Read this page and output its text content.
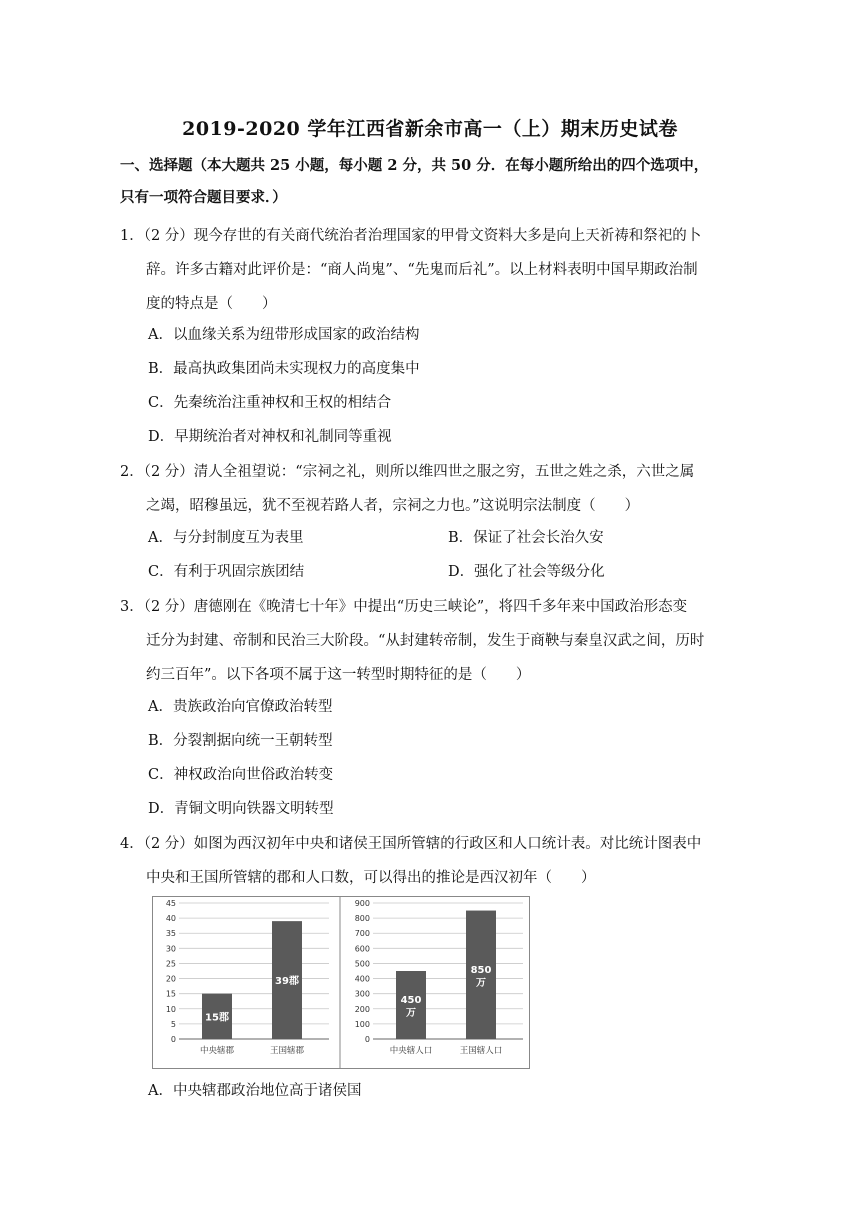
2019-2020 学年江西省新余市高一（上）期末历史试卷
一、选择题（本大题共 25 小题，每小题 2 分，共 50 分．在每小题所给出的四个选项中，
只有一项符合题目要求．）
1．（2 分）现今存世的有关商代统治者治理国家的甲骨文资料大多是向上天祈祷和祭祀的卜
辞。许多古籍对此评价是：“商人尚鬼”、“先鬼而后礼”。以上材料表明中国早期政治制
度的特点是（　　）
A．以血缘关系为纽带形成国家的政治结构
B．最高执政集团尚未实现权力的高度集中
C．先秦统治注重神权和王权的相结合
D．早期统治者对神权和礼制同等重视
2．（2 分）清人全祖望说：“宗祠之礼，则所以维四世之服之穷，五世之姓之杀，六世之属
之竭，昭穆虽远，犹不至视若路人者，宗祠之力也。”这说明宗法制度（　　）
A．与分封制度互为表里	B．保证了社会长治久安
C．有利于巩固宗族团结	D．强化了社会等级分化
3．（2 分）唐德刚在《晚清七十年》中提出“历史三峡论”，将四千多年来中国政治形态变
迁分为封建、帝制和民治三大阶段。“从封建转帝制，发生于商鞅与秦皇汉武之间，历时
约三百年”。以下各项不属于这一转型时期特征的是（　　）
A．贵族政治向官僚政治转型
B．分裂割据向统一王朝转型
C．神权政治向世俗政治转变
D．青铜文明向铁器文明转型
4．（2 分）如图为西汉初年中央和诸侯王国所管辖的行政区和人口统计表。对比统计图表中
中央和王国所管辖的郡和人口数，可以得出的推论是西汉初年（　　）
0
5
10
15
20
25
30
35
40
45
15郡
中央辖郡
39郡
王国辖郡
0
100
200
300
400
500
600
700
800
900
450
万
中央辖人口
850
万
王国辖人口
A．中央辖郡政治地位高于诸侯国
